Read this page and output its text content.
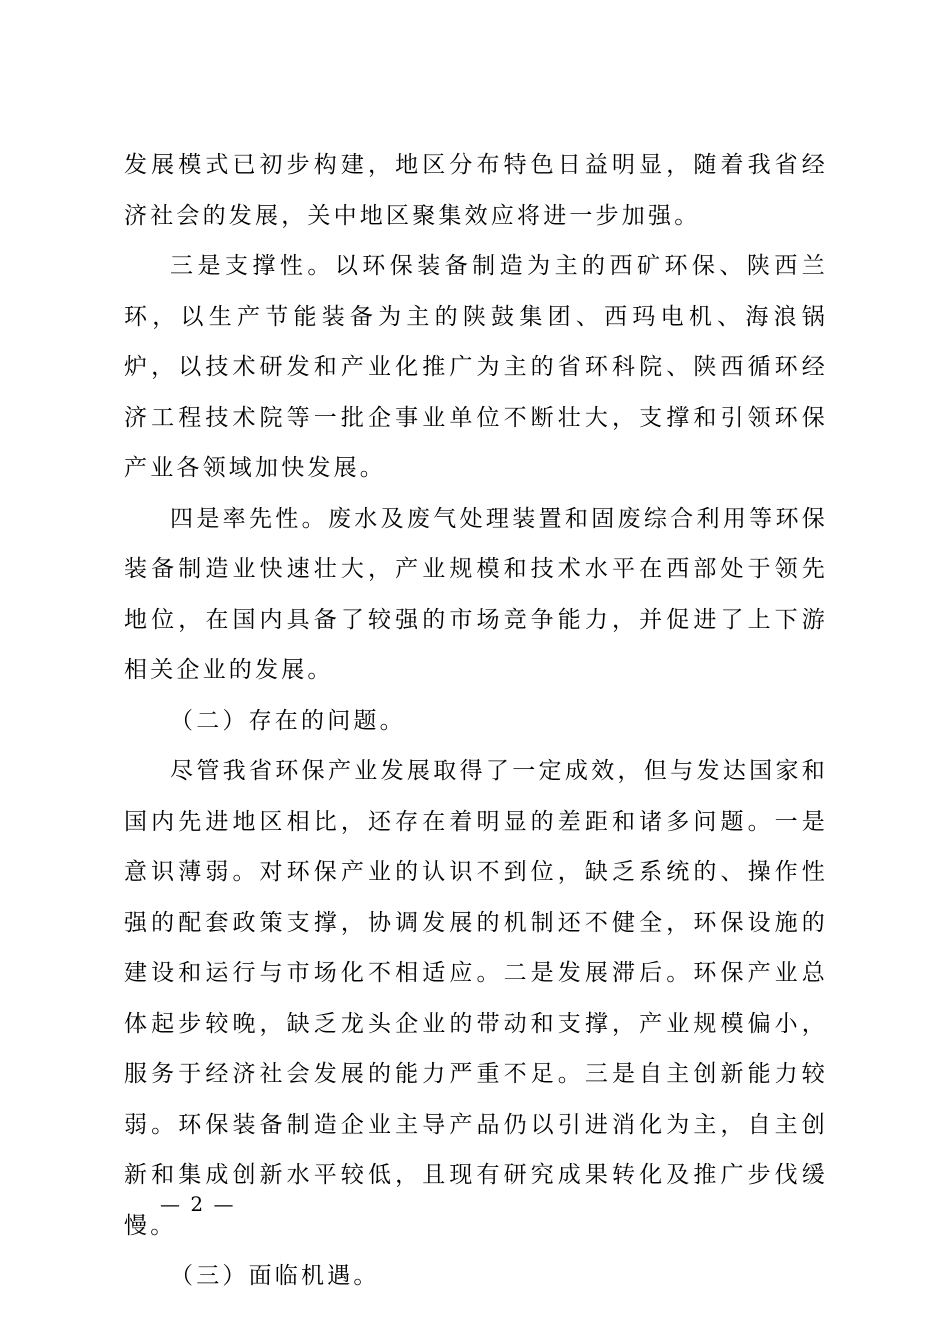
发展模式已初步构建，地区分布特色日益明显，随着我省经济社会的发展，关中地区聚集效应将进一步加强。

三是支撑性。以环保装备制造为主的西矿环保、陕西兰环，以生产节能装备为主的陕鼓集团、西玛电机、海浪锅炉，以技术研发和产业化推广为主的省环科院、陕西循环经济工程技术院等一批企事业单位不断壮大，支撑和引领环保产业各领域加快发展。

四是率先性。废水及废气处理装置和固废综合利用等环保装备制造业快速壮大，产业规模和技术水平在西部处于领先地位，在国内具备了较强的市场竞争能力，并促进了上下游相关企业的发展。

（二）存在的问题。

尽管我省环保产业发展取得了一定成效，但与发达国家和国内先进地区相比，还存在着明显的差距和诸多问题。一是意识薄弱。对环保产业的认识不到位，缺乏系统的、操作性强的配套政策支撑，协调发展的机制还不健全，环保设施的建设和运行与市场化不相适应。二是发展滞后。环保产业总体起步较晚，缺乏龙头企业的带动和支撑，产业规模偏小，服务于经济社会发展的能力严重不足。三是自主创新能力较弱。环保装备制造企业主导产品仍以引进消化为主，自主创新和集成创新水平较低，且现有研究成果转化及推广步伐缓慢。

（三）面临机遇。

— 2 —
